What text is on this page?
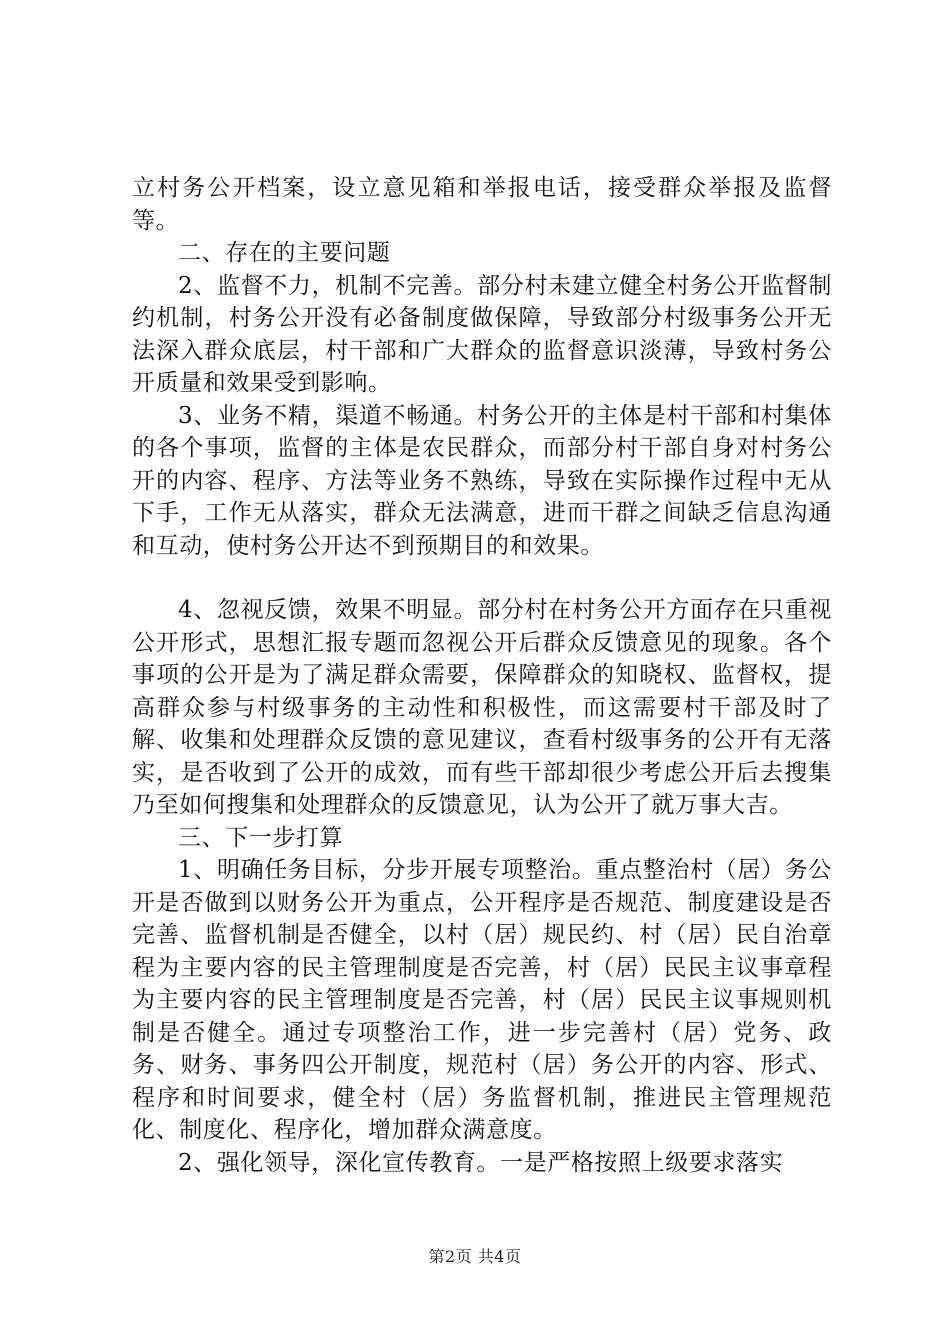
立村务公开档案，设立意见箱和举报电话，接受群众举报及监督等。

二、存在的主要问题

2、监督不力，机制不完善。部分村未建立健全村务公开监督制约机制，村务公开没有必备制度做保障，导致部分村级事务公开无法深入群众底层，村干部和广大群众的监督意识淡薄，导致村务公开质量和效果受到影响。

3、业务不精，渠道不畅通。村务公开的主体是村干部和村集体的各个事项，监督的主体是农民群众，而部分村干部自身对村务公开的内容、程序、方法等业务不熟练，导致在实际操作过程中无从下手，工作无从落实，群众无法满意，进而干群之间缺乏信息沟通和互动，使村务公开达不到预期目的和效果。

4、忽视反馈，效果不明显。部分村在村务公开方面存在只重视公开形式，思想汇报专题而忽视公开后群众反馈意见的现象。各个事项的公开是为了满足群众需要，保障群众的知晓权、监督权，提高群众参与村级事务的主动性和积极性，而这需要村干部及时了解、收集和处理群众反馈的意见建议，查看村级事务的公开有无落实，是否收到了公开的成效，而有些干部却很少考虑公开后去搜集乃至如何搜集和处理群众的反馈意见，认为公开了就万事大吉。

三、下一步打算

1、明确任务目标，分步开展专项整治。重点整治村（居）务公开是否做到以财务公开为重点，公开程序是否规范、制度建设是否完善、监督机制是否健全，以村（居）规民约、村（居）民自治章程为主要内容的民主管理制度是否完善，村（居）民民主议事章程为主要内容的民主管理制度是否完善，村（居）民民主议事规则机制是否健全。通过专项整治工作，进一步完善村（居）党务、政务、财务、事务四公开制度，规范村（居）务公开的内容、形式、程序和时间要求，健全村（居）务监督机制，推进民主管理规范化、制度化、程序化，增加群众满意度。

2、强化领导，深化宣传教育。一是严格按照上级要求落实

第2页 共4页
